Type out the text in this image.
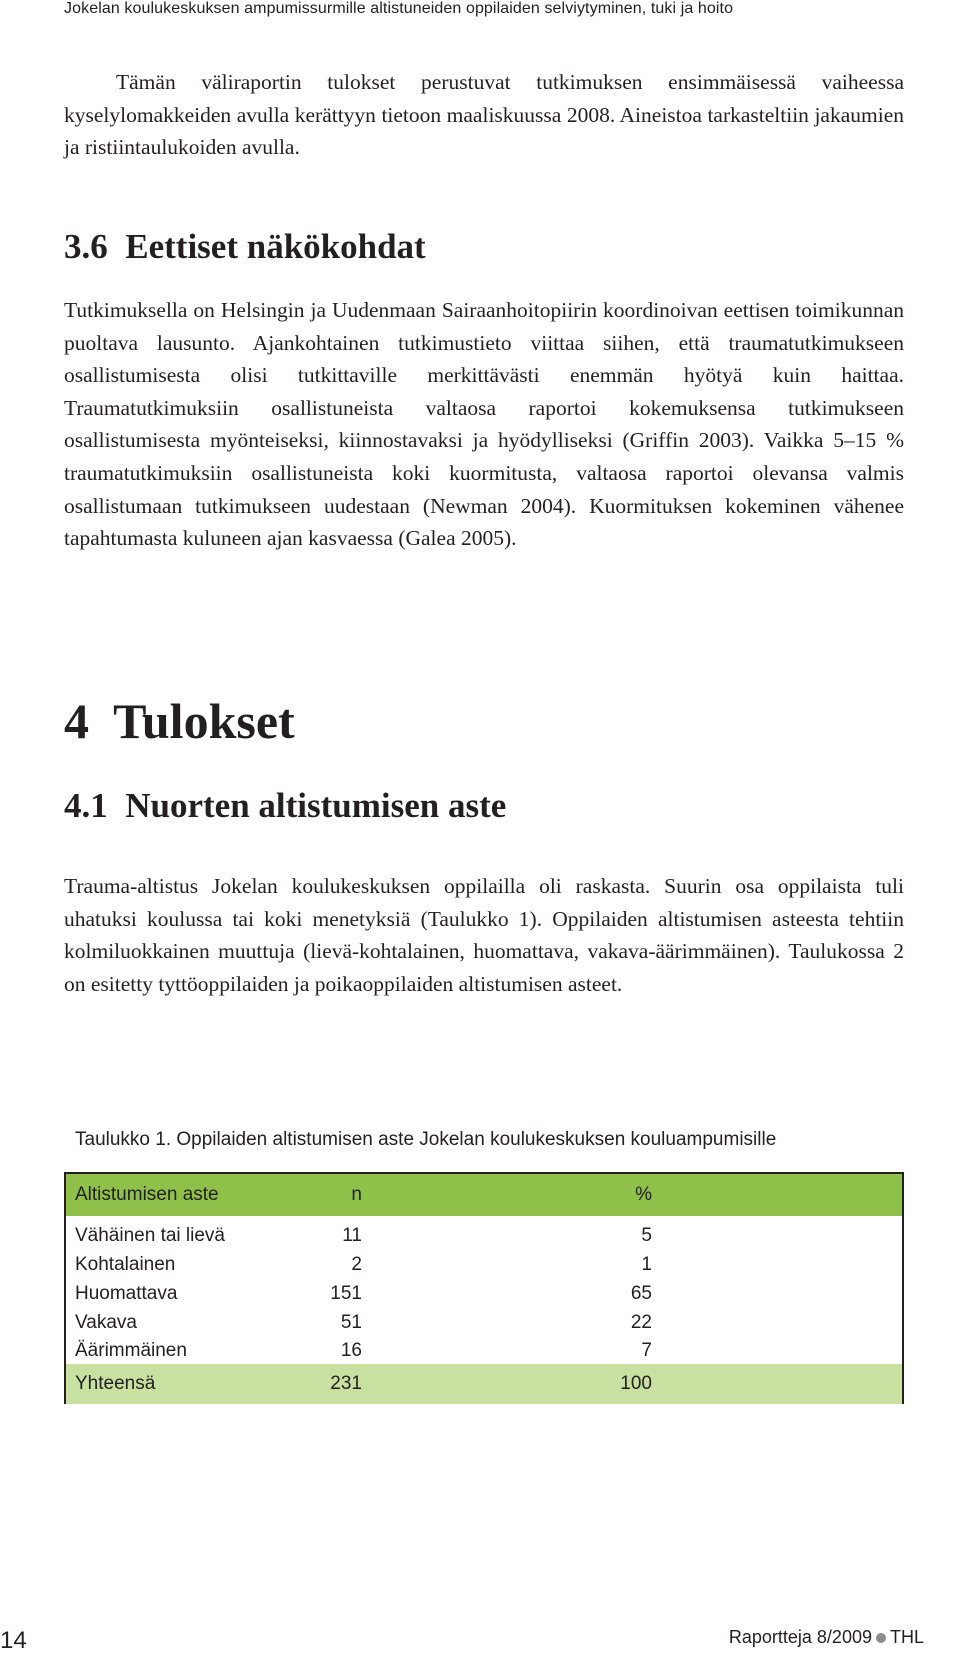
Jokelan koulukeskuksen ampumissurmille altistuneiden oppilaiden selviytyminen, tuki ja hoito

Tämän väliraportin tulokset perustuvat tutkimuksen ensimmäisessä vaiheessa kyselylomakkeiden avulla kerättyyn tietoon maaliskuussa 2008. Aineistoa tarkasteltiin jakaumien ja ristiintaulukoiden avulla.

3.6 Eettiset näkökohdat

Tutkimuksella on Helsingin ja Uudenmaan Sairaanhoitopiirin koordinoivan eettisen toimikunnan puoltava lausunto. Ajankohtainen tutkimustieto viittaa siihen, että traumatutkimukseen osallistumisesta olisi tutkittaville merkittävästi enemmän hyötyä kuin haittaa. Traumatutkimuksiin osallistuneista valtaosa raportoi kokemuksensa tutkimukseen osallistumisesta myönteiseksi, kiinnostavaksi ja hyödylliseksi (Griffin 2003). Vaikka 5–15 % traumatutkimuksiin osallistuneista koki kuormitusta, valtaosa raportoi olevansa valmis osallistumaan tutkimukseen uudestaan (Newman 2004). Kuormituksen kokeminen vähenee tapahtumasta kuluneen ajan kasvaessa (Galea 2005).

4 Tulokset
4.1 Nuorten altistumisen aste

Trauma-altistus Jokelan koulukeskuksen oppilailla oli raskasta. Suurin osa oppilaista tuli uhatuksi koulussa tai koki menetyksiä (Taulukko 1). Oppilaiden altistumisen asteesta tehtiin kolmiluokkainen muuttuja (lievä-kohtalainen, huomattava, vakava-äärimmäinen). Taulukossa 2 on esitetty tyttöoppilaiden ja poikaoppilaiden altistumisen asteet.

Taulukko 1. Oppilaiden altistumisen aste Jokelan koulukeskuksen kouluampumisille
Altistumisen aste	n	%
Vähäinen tai lievä	11	5
Kohtalainen	2	1
Huomattava	151	65
Vakava	51	22
Äärimmäinen	16	7
Yhteensä	231	100
14	Raportteja 8/2009 THL
